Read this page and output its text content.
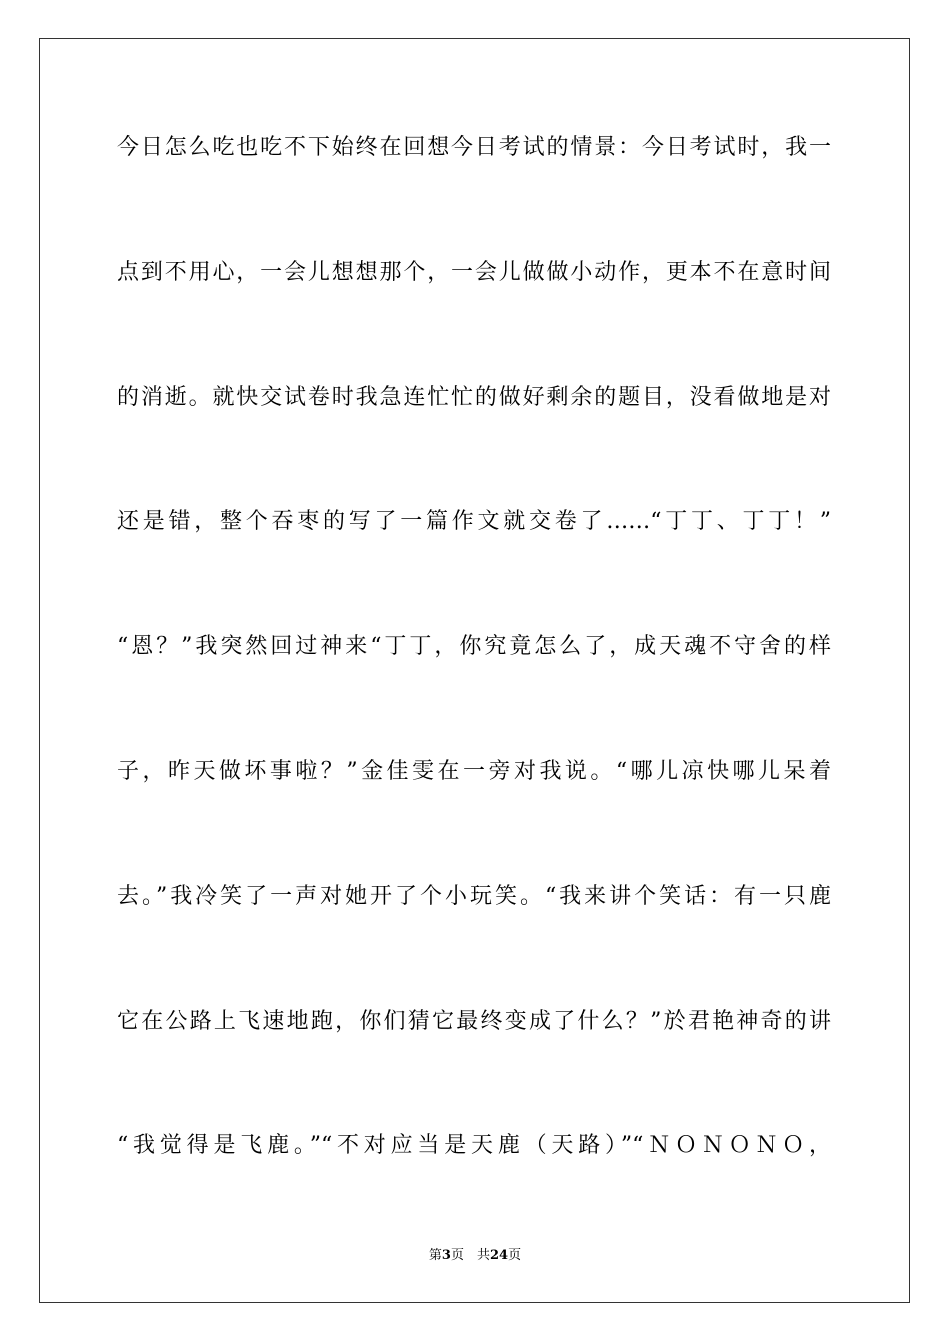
今日怎么吃也吃不下始终在回想今日考试的情景：今日考试时，我一
点到不用心，一会儿想想那个，一会儿做做小动作，更本不在意时间
的消逝。就快交试卷时我急连忙忙的做好剩余的题目，没看做地是对
还是错，整个吞枣的写了一篇作文就交卷了……“丁丁、丁丁！”
“恩？”我突然回过神来“丁丁，你究竟怎么了，成天魂不守舍的样
子，昨天做坏事啦？”金佳雯在一旁对我说。“哪儿凉快哪儿呆着
去。”我冷笑了一声对她开了个小玩笑。“我来讲个笑话：有一只鹿
它在公路上飞速地跑，你们猜它最终变成了什么？”於君艳神奇的讲
“我觉得是飞鹿。”“不对应当是天鹿（天路）”“ＮＯＮＯＮＯ，
第3页　共24页
